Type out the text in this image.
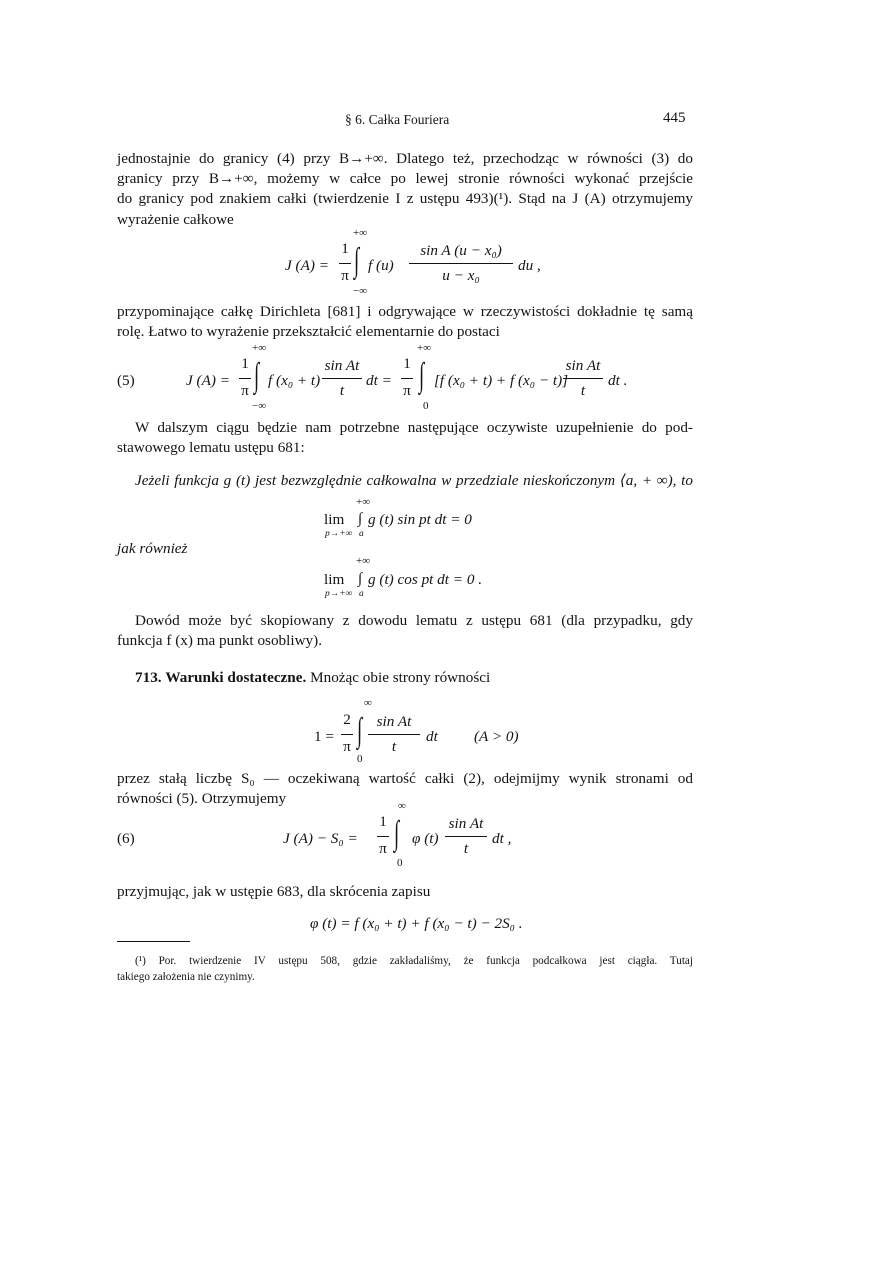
§ 6. Całka Fouriera	445
jednostajnie do granicy (4) przy B→+∞. Dlatego też, przechodząc w równości (3) do
granicy przy B→+∞, możemy w całce po lewej stronie równości wykonać przejście
do granicy pod znakiem całki (twierdzenie I z ustępu 493)(¹). Stąd na J (A) otrzymujemy
wyrażenie całkowe
J (A) =
1
π
+∞
∫
−∞
f (u)
sin A (u − x₀)
u − x₀
du ,
przypominające całkę Dirichleta [681] i odgrywające w rzeczywistości dokładnie tę samą
rolę. Łatwo to wyrażenie przekształcić elementarnie do postaci
(5)	J (A) =
1
π
+∞
∫
−∞
f (x₀ + t)
sin At
t
dt =
1
π
+∞
∫
0
[f (x₀ + t) + f (x₀ − t)]
sin At
t
dt .
W dalszym ciągu będzie nam potrzebne następujące oczywiste uzupełnienie do pod-
stawowego lematu ustępu 681:
Jeżeli funkcja g (t) jest bezwzględnie całkowalna w przedziale nieskończonym ⟨a, + ∞), to
+∞
lim ∫ g (t) sin pt dt = 0
p→+∞ a
jak również
+∞
lim ∫ g (t) cos pt dt = 0 .
p→+∞ a
Dowód może być skopiowany z dowodu lematu z ustępu 681 (dla przypadku, gdy
funkcja f (x) ma punkt osobliwy).
713. Warunki dostateczne. Mnożąc obie strony równości
1 =
2
π
∞
∫
0
sin At
t
dt (A > 0)
przez stałą liczbę S₀ — oczekiwaną wartość całki (2), odejmijmy wynik stronami od
równości (5). Otrzymujemy
(6)	J (A) − S₀ =
1
π
∞
∫
0
φ (t)
sin At
t
dt ,
przyjmując, jak w ustępie 683, dla skrócenia zapisu
φ (t) = f (x₀ + t) + f (x₀ − t) − 2S₀ .
(¹) Por. twierdzenie IV ustępu 508, gdzie zakładaliśmy, że funkcja podcałkowa jest ciągła. Tutaj
takiego założenia nie czynimy.
